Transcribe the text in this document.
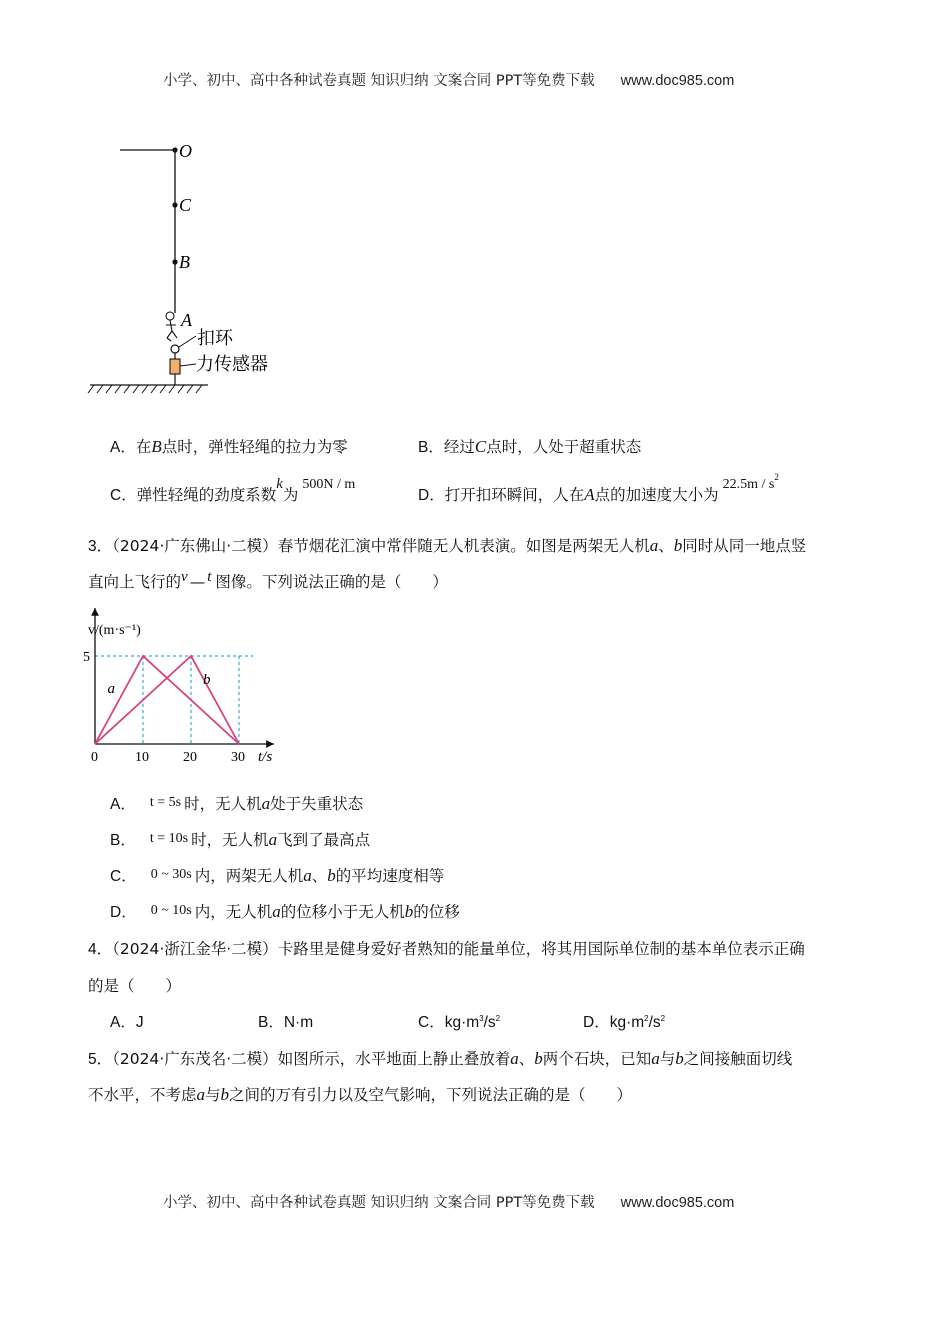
小学、初中、高中各种试卷真题 知识归纳 文案合同 PPT等免费下载 www.doc985.com
O
C
B
A
扣环
力传感器
A．在B点时，弹性轻绳的拉力为零	B．经过C点时，人处于超重状态
C．弹性轻绳的劲度系数k为500N / m
D．打开扣环瞬间，人在A点的加速度大小为$22.5m / s^2$
3．（2024·广东佛山·二模）春节烟花汇演中常伴随无人机表演。如图是两架无人机a、b同时从同一地点竖
直向上飞行的v — t 图像。下列说法正确的是（　　）
a
b
v/(m·s⁻¹)
t/s
0	10 20 30
5
A． t = 5s 时，无人机a处于失重状态
B． t = 10s 时，无人机a飞到了最高点
C． 0 ~ 30s 内，两架无人机a、b的平均速度相等
D． 0 ~ 10s 内，无人机a的位移小于无人机b的位移
4．（2024·浙江金华·二模）卡路里是健身爱好者熟知的能量单位，将其用国际单位制的基本单位表示正确
的是（　　）
A．J	B．N·m	C．$kg\cdot m^3/s^2$	D．$kg\cdot m^2/s^2$
5．（2024·广东茂名·二模）如图所示，水平地面上静止叠放着a、b两个石块，已知a与b之间接触面切线
不水平，不考虑a与b之间的万有引力以及空气影响，下列说法正确的是（　　）
小学、初中、高中各种试卷真题 知识归纳 文案合同 PPT等免费下载 www.doc985.com
